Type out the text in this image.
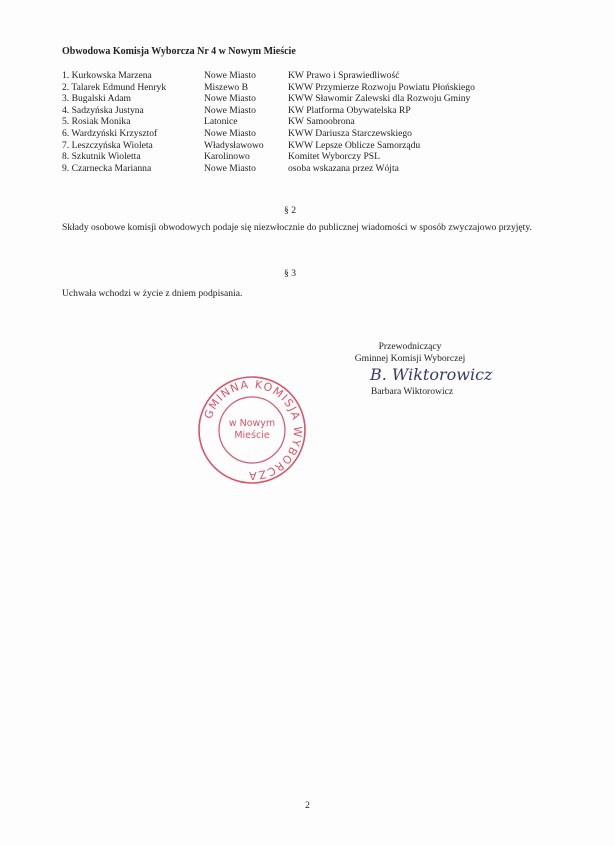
Obwodowa Komisja Wyborcza Nr 4 w Nowym Mieście
1. Kurkowska Marzena	Nowe Miasto	KW Prawo i Sprawiedliwość
2. Talarek Edmund Henryk	Miszewo B	KWW Przymierze Rozwoju Powiatu Płońskiego
3. Bugalski Adam	Nowe Miasto	KWW Sławomir Zalewski dla Rozwoju Gminy
4. Sadzyńska Justyna	Nowe Miasto	KW Platforma Obywatelska RP
5. Rosiak Monika	Latonice	KW Samoobrona
6. Wardzyński Krzysztof	Nowe Miasto	KWW Dariusza Starczewskiego
7. Leszczyńska Wioleta	Władysławowo	KWW Lepsze Oblicze Samorządu
8. Szkutnik Wioletta	Karolinowo	Komitet Wyborczy PSL
9. Czarnecka Marianna	Nowe Miasto	osoba wskazana przez Wójta
§ 2
Składy osobowe komisji obwodowych podaje się niezwłocznie do publicznej wiadomości w sposób zwyczajowo przyjęty.
§ 3
Uchwała wchodzi w życie z dniem podpisania.
Przewodniczący
Gminnej Komisji Wyborczej
B. Wiktorowicz
Barbara Wiktorowicz
GMINNA KOMISJA WYBORCZA
w Nowym
Mieście
2
